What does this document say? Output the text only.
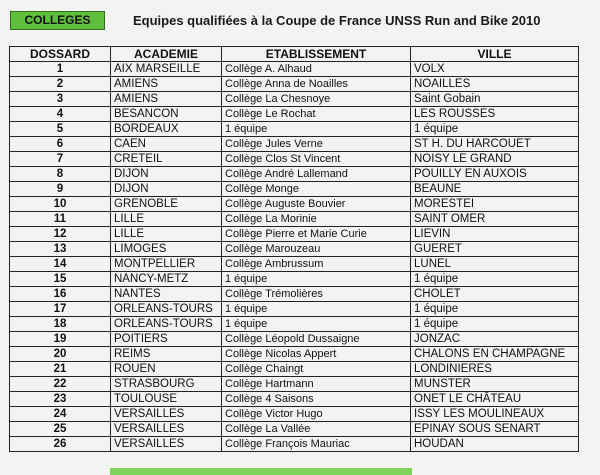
COLLEGES	Equipes qualifiées à la Coupe de France UNSS Run and Bike 2010
DOSSARD	ACADEMIE	ETABLISSEMENT	VILLE
1	AIX MARSEILLE	Collège A. Alhaud	VOLX
2	AMIENS	Collège Anna de Noailles	NOAILLES
3	AMIENS	Collège La Chesnoye	Saint Gobain
4	BESANCON	Collège Le Rochat	LES ROUSSES
5	BORDEAUX	1 équipe	1 équipe
6	CAEN	Collège Jules Verne	ST H. DU HARCOUET
7	CRETEIL	Collège Clos St Vincent	NOISY LE GRAND
8	DIJON	Collège André Lallemand	POUILLY EN AUXOIS
9	DIJON	Collège Monge	BEAUNE
10	GRENOBLE	Collège Auguste Bouvier	MORESTEI
11	LILLE	Collège La Morinie	SAINT OMER
12	LILLE	Collège Pierre et Marie Curie	LIEVIN
13	LIMOGES	Collège Marouzeau	GUERET
14	MONTPELLIER	Collège Ambrussum	LUNEL
15	NANCY-METZ	1 équipe	1 équipe
16	NANTES	Collège Trémolières	CHOLET
17	ORLEANS-TOURS	1 équipe	1 équipe
18	ORLEANS-TOURS	1 équipe	1 équipe
19	POITIERS	Collège Léopold Dussaigne	JONZAC
20	REIMS	Collège Nicolas Appert	CHALONS EN CHAMPAGNE
21	ROUEN	Collège Chaingt	LONDINIERES
22	STRASBOURG	Collège Hartmann	MUNSTER
23	TOULOUSE	Collège 4 Saisons	ONET LE CHÂTEAU
24	VERSAILLES	Collège Victor Hugo	ISSY LES MOULINEAUX
25	VERSAILLES	Collège La Vallée	EPINAY SOUS SENART
26	VERSAILLES	Collège François Mauriac	HOUDAN
